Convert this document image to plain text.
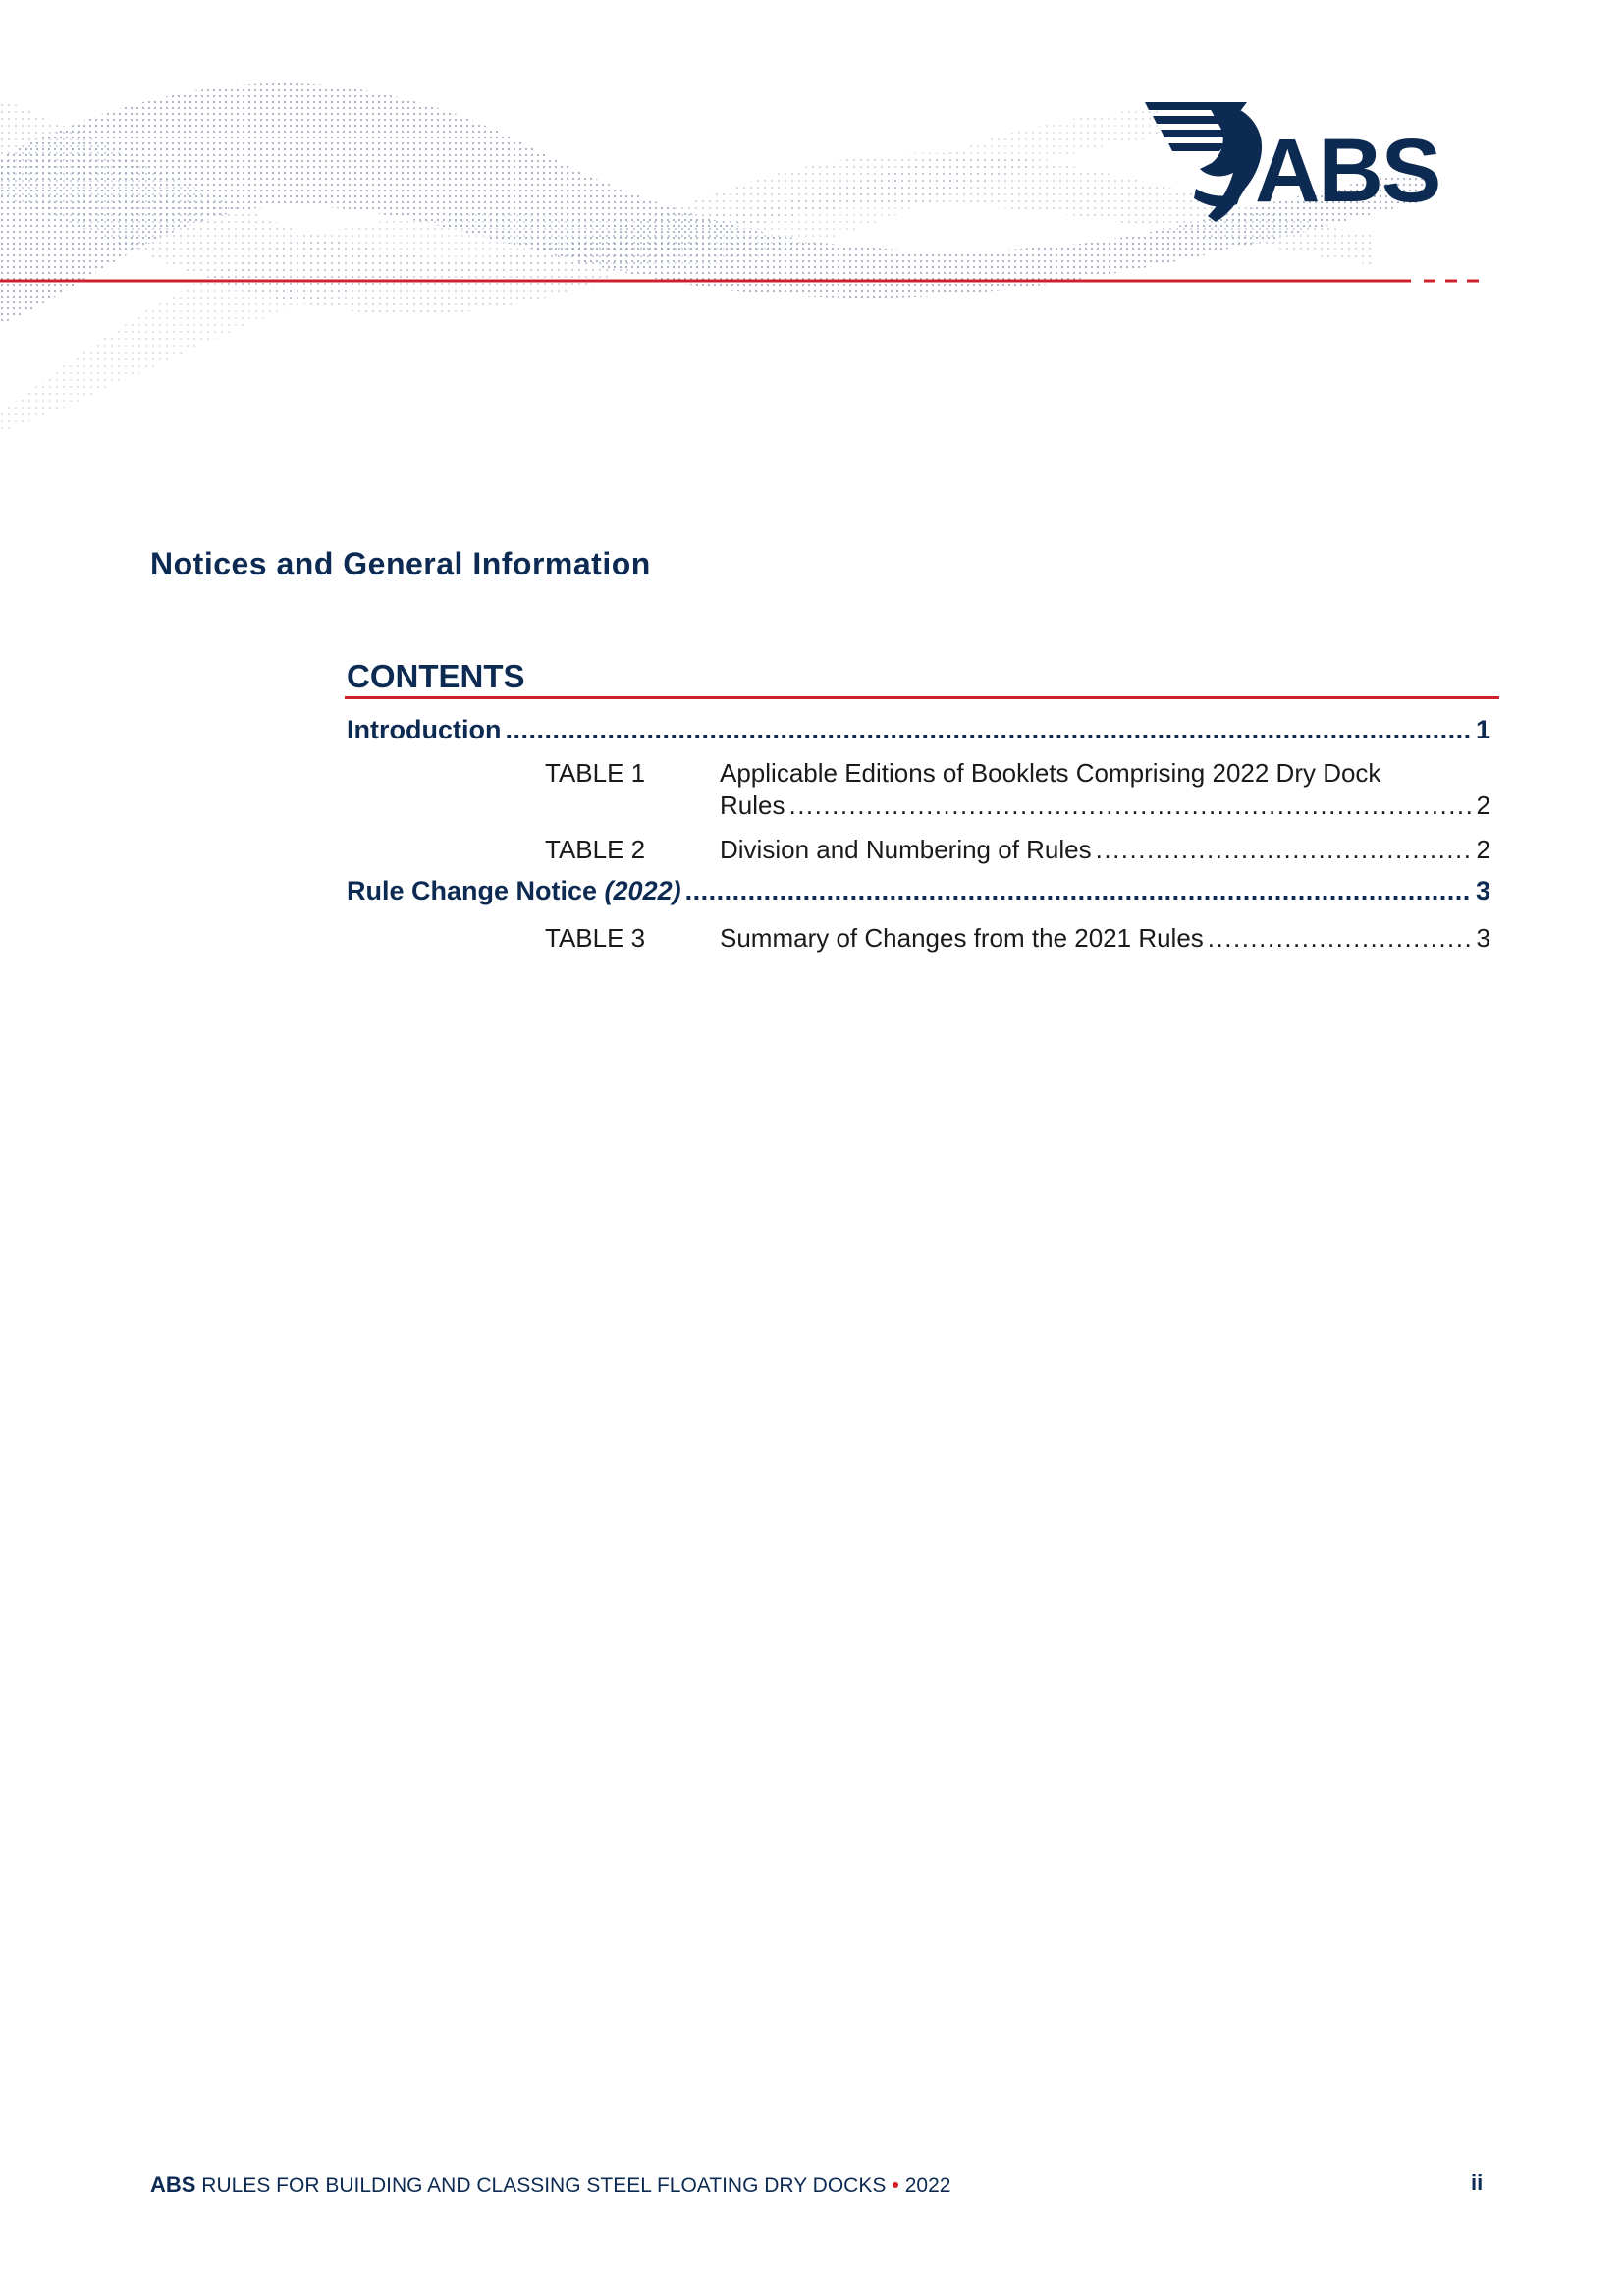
ABS
Notices and General Information
CONTENTS
Introduction .....	1
TABLE 1	Applicable Editions of Booklets Comprising 2022 Dry Dock
Rules .....	2
TABLE 2	Division and Numbering of Rules .....	2
Rule Change Notice (2022) .....	3
TABLE 3	Summary of Changes from the 2021 Rules .....	3
ABS RULES FOR BUILDING AND CLASSING STEEL FLOATING DRY DOCKS • 2022	ii
